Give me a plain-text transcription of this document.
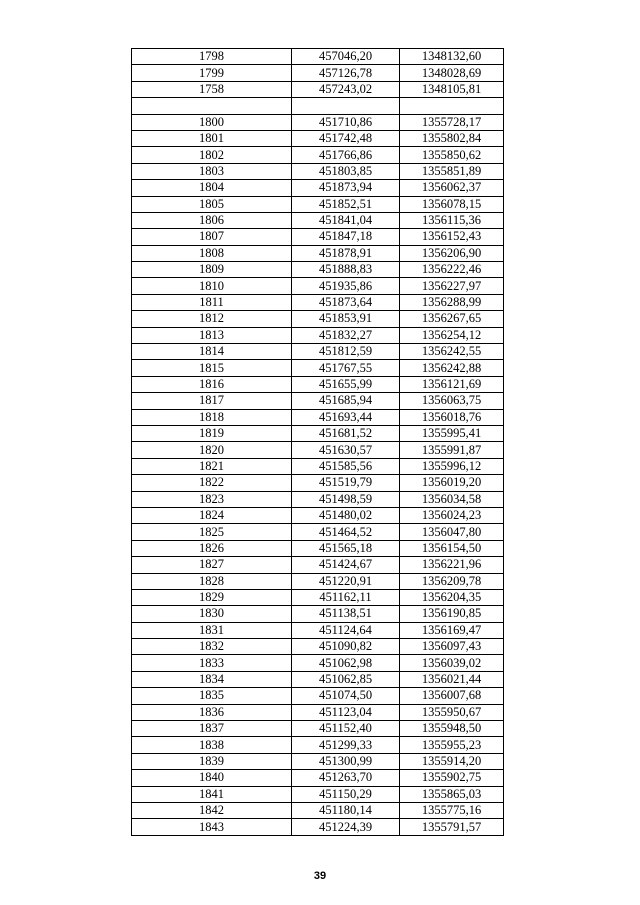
1798	457046,20	1348132,60
1799	457126,78	1348028,69
1758	457243,02	1348105,81

1800	451710,86	1355728,17
1801	451742,48	1355802,84
1802	451766,86	1355850,62
1803	451803,85	1355851,89
1804	451873,94	1356062,37
1805	451852,51	1356078,15
1806	451841,04	1356115,36
1807	451847,18	1356152,43
1808	451878,91	1356206,90
1809	451888,83	1356222,46
1810	451935,86	1356227,97
1811	451873,64	1356288,99
1812	451853,91	1356267,65
1813	451832,27	1356254,12
1814	451812,59	1356242,55
1815	451767,55	1356242,88
1816	451655,99	1356121,69
1817	451685,94	1356063,75
1818	451693,44	1356018,76
1819	451681,52	1355995,41
1820	451630,57	1355991,87
1821	451585,56	1355996,12
1822	451519,79	1356019,20
1823	451498,59	1356034,58
1824	451480,02	1356024,23
1825	451464,52	1356047,80
1826	451565,18	1356154,50
1827	451424,67	1356221,96
1828	451220,91	1356209,78
1829	451162,11	1356204,35
1830	451138,51	1356190,85
1831	451124,64	1356169,47
1832	451090,82	1356097,43
1833	451062,98	1356039,02
1834	451062,85	1356021,44
1835	451074,50	1356007,68
1836	451123,04	1355950,67
1837	451152,40	1355948,50
1838	451299,33	1355955,23
1839	451300,99	1355914,20
1840	451263,70	1355902,75
1841	451150,29	1355865,03
1842	451180,14	1355775,16
1843	451224,39	1355791,57
39
